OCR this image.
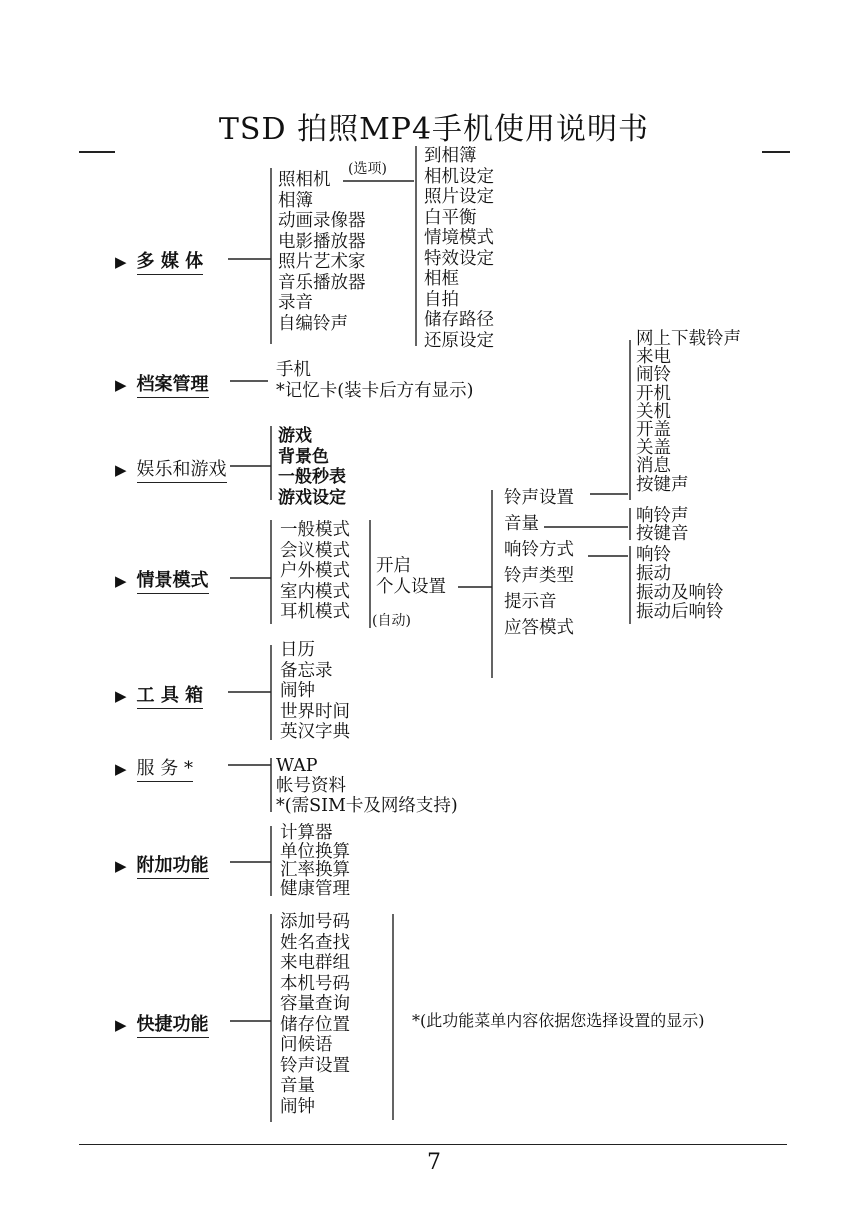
TSD 拍照MP4手机使用说明书
▶ 多 媒 体
照相机
相簿
动画录像器
电影播放器
照片艺术家
音乐播放器
录音
自编铃声
(选项)
到相簿
相机设定
照片设定
白平衡
情境模式
特效设定
相框
自拍
储存路径
还原设定
▶ 档案管理
手机
*记忆卡(装卡后方有显示)
▶ 娱乐和游戏
游戏
背景色
一般秒表
游戏设定
▶ 情景模式
一般模式
会议模式
户外模式
室内模式
耳机模式 (自动)
开启
个人设置
铃声设置
音量
响铃方式
铃声类型
提示音
应答模式
网上下载铃声
来电
闹铃
开机
关机
开盖
关盖
消息
按键声
响铃声
按键音
响铃
振动
振动及响铃
振动后响铃
▶ 工 具 箱
日历
备忘录
闹钟
世界时间
英汉字典
▶ 服 务 *	WAP
帐号资料
*(需SIM卡及网络支持)
▶ 附加功能
计算器
单位换算
汇率换算
健康管理
▶ 快捷功能
添加号码
姓名查找
来电群组
本机号码
容量查询
储存位置
问候语
铃声设置
音量
闹钟
*(此功能菜单内容依据您选择设置的显示)
7
